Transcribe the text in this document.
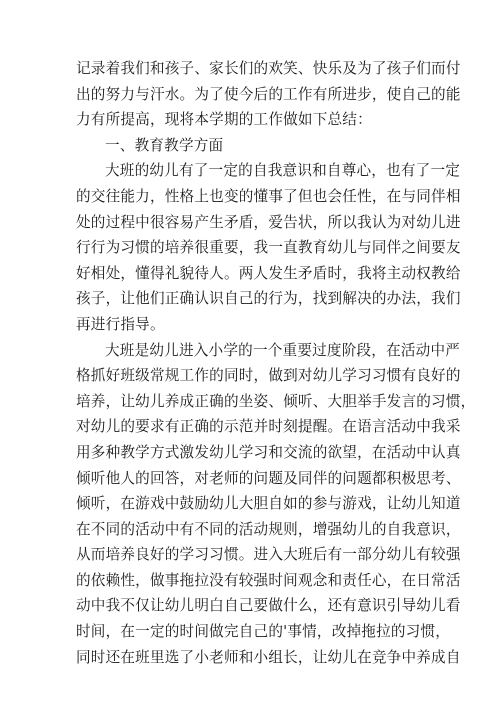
记录着我们和孩子、家长们的欢笑、快乐及为了孩子们而付
出的努力与汗水。为了使今后的工作有所进步，使自己的能
力有所提高，现将本学期的工作做如下总结：
一、教育教学方面
大班的幼儿有了一定的自我意识和自尊心，也有了一定
的交往能力，性格上也变的懂事了但也会任性，在与同伴相
处的过程中很容易产生矛盾，爱告状，所以我认为对幼儿进
行行为习惯的培养很重要，我一直教育幼儿与同伴之间要友
好相处，懂得礼貌待人。两人发生矛盾时，我将主动权教给
孩子，让他们正确认识自己的行为，找到解决的办法，我们
再进行指导。
大班是幼儿进入小学的一个重要过度阶段，在活动中严
格抓好班级常规工作的同时，做到对幼儿学习习惯有良好的
培养，让幼儿养成正确的坐姿、倾听、大胆举手发言的习惯，
对幼儿的要求有正确的示范并时刻提醒。在语言活动中我采
用多种教学方式激发幼儿学习和交流的欲望，在活动中认真
倾听他人的回答，对老师的问题及同伴的问题都积极思考、
倾听，在游戏中鼓励幼儿大胆自如的参与游戏，让幼儿知道
在不同的活动中有不同的活动规则，增强幼儿的自我意识，
从而培养良好的学习习惯。进入大班后有一部分幼儿有较强
的依赖性，做事拖拉没有较强时间观念和责任心，在日常活
动中我不仅让幼儿明白自己要做什么，还有意识引导幼儿看
时间，在一定的时间做完自己的'事情，改掉拖拉的习惯，
同时还在班里选了小老师和小组长，让幼儿在竞争中养成自
